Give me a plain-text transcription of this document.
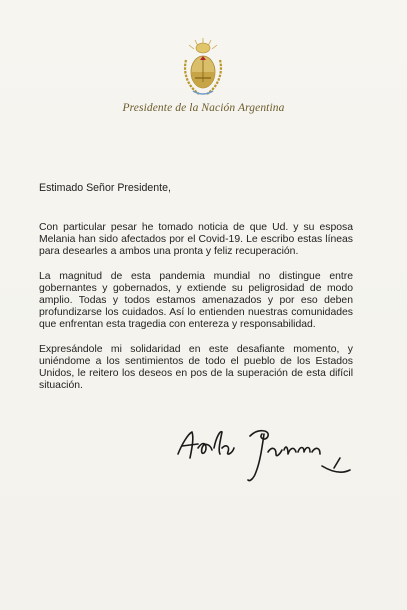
Presidente de la Nación Argentina
Estimado Señor Presidente,

Con particular pesar he tomado noticia de que Ud. y su esposa Melania han sido afectados por el Covid-19. Le escribo estas líneas para desearles a ambos una pronta y feliz recuperación.

La magnitud de esta pandemia mundial no distingue entre gobernantes y gobernados, y extiende su peligrosidad de modo amplio. Todas y todos estamos amenazados y por eso deben profundizarse los cuidados. Así lo entienden nuestras comunidades que enfrentan esta tragedia con entereza y responsabilidad.

Expresándole mi solidaridad en este desafiante momento, y uniéndome a los sentimientos de todo el pueblo de los Estados Unidos, le reitero los deseos en pos de la superación de esta difícil situación.
